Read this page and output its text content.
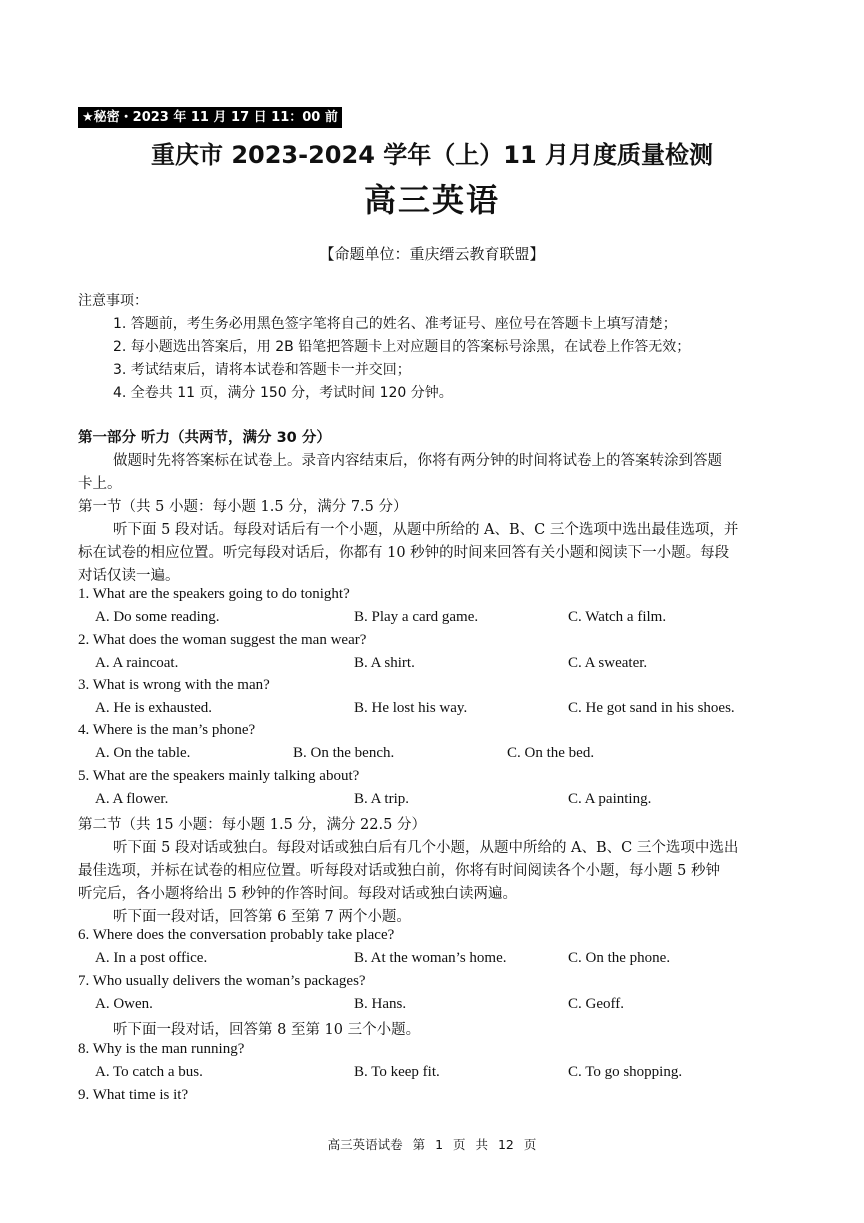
★秘密・2023 年 11 月 17 日 11：00 前
重庆市 2023-2024 学年（上）11 月月度质量检测
高三英语
【命题单位：重庆缙云教育联盟】
注意事项：
1. 答题前，考生务必用黑色签字笔将自己的姓名、准考证号、座位号在答题卡上填写清楚；
2. 每小题选出答案后，用 2B 铅笔把答题卡上对应题目的答案标号涂黑，在试卷上作答无效；
3. 考试结束后，请将本试卷和答题卡一并交回；
4. 全卷共 11 页，满分 150 分，考试时间 120 分钟。
第一部分 听力（共两节，满分 30 分）
做题时先将答案标在试卷上。录音内容结束后，你将有两分钟的时间将试卷上的答案转涂到答题
卡上。
第一节（共 5 小题：每小题 1.5 分，满分 7.5 分）
听下面 5 段对话。每段对话后有一个小题，从题中所给的 A、B、C 三个选项中选出最佳选项，并
标在试卷的相应位置。听完每段对话后，你都有 10 秒钟的时间来回答有关小题和阅读下一小题。每段
对话仅读一遍。
1. What are the speakers going to do tonight?
A. Do some reading.	B. Play a card game.	C. Watch a film.
2. What does the woman suggest the man wear?
A. A raincoat.	B. A shirt.	C. A sweater.
3. What is wrong with the man?
A. He is exhausted.	B. He lost his way.	C. He got sand in his shoes.
4. Where is the man’s phone?
A. On the table.	B. On the bench.	C. On the bed.
5. What are the speakers mainly talking about?
A. A flower.	B. A trip.	C. A painting.
第二节（共 15 小题：每小题 1.5 分，满分 22.5 分）
听下面 5 段对话或独白。每段对话或独白后有几个小题，从题中所给的 A、B、C 三个选项中选出
最佳选项，并标在试卷的相应位置。听每段对话或独白前，你将有时间阅读各个小题，每小题 5 秒钟
听完后，各小题将给出 5 秒钟的作答时间。每段对话或独白读两遍。
听下面一段对话，回答第 6 至第 7 两个小题。
6. Where does the conversation probably take place?
A. In a post office.	B. At the woman’s home.	C. On the phone.
7. Who usually delivers the woman’s packages?
A. Owen.	B. Hans.	C. Geoff.
听下面一段对话，回答第 8 至第 10 三个小题。
8. Why is the man running?
A. To catch a bus.	B. To keep fit.	C. To go shopping.
9. What time is it?
高三英语试卷 第 1 页 共 12 页
